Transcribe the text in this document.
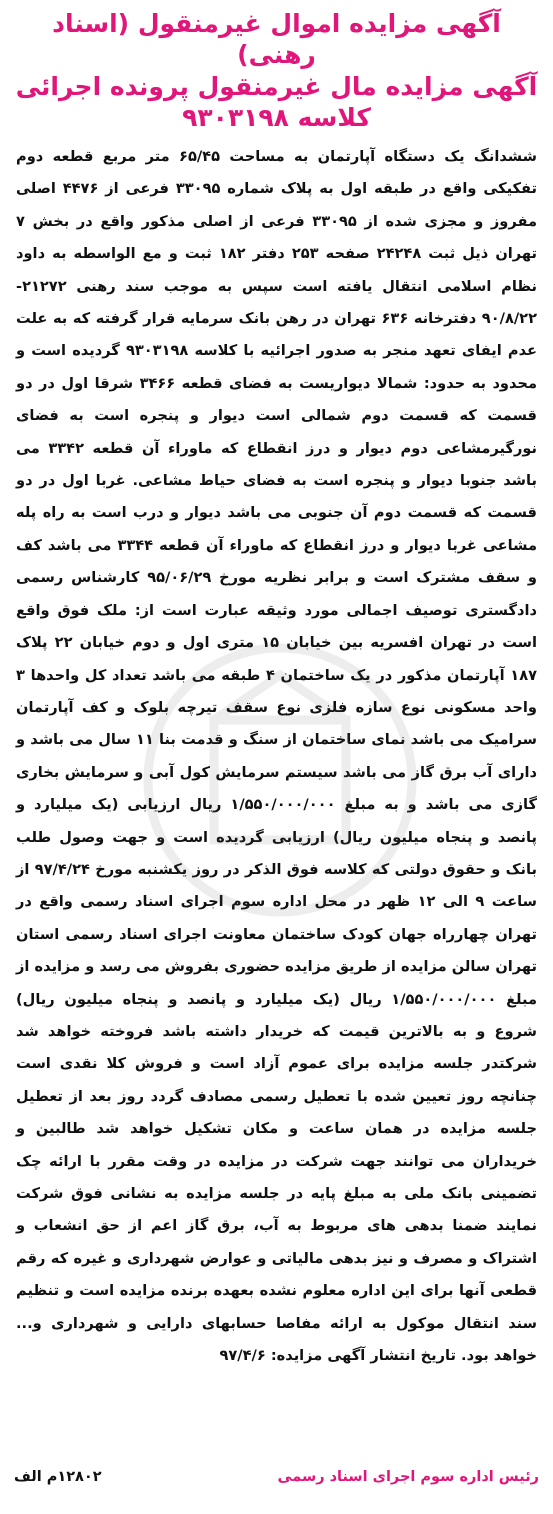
آگهی مزایده اموال غیرمنقول (اسناد رهنی)
آگهی مزایده مال غیرمنقول پرونده اجرائی
کلاسه ۹۳۰۳۱۹۸

ششدانگ یک دستگاه آپارتمان به مساحت ۶۵/۴۵ متر مربع قطعه دوم تفکیکی واقع در طبقه اول به پلاک شماره ۳۳۰۹۵ فرعی از ۴۴۷۶ اصلی مفروز و مجزی شده از ۳۳۰۹۵ فرعی از اصلی مذکور واقع در بخش ۷ تهران ذیل ثبت ۲۴۲۴۸ صفحه ۲۵۳ دفتر ۱۸۲ ثبت و مع الواسطه به داود نظام اسلامی انتقال یافته است سپس به موجب سند رهنی ۲۱۲۷۲- ۹۰/۸/۲۲ دفترخانه ۶۳۶ تهران در رهن بانک سرمایه قرار گرفته که به علت عدم ایفای تعهد منجر به صدور اجرائیه با کلاسه ۹۳۰۳۱۹۸ گردیده است و محدود به حدود: شمالا دیواریست به فضای قطعه ۳۴۶۶ شرقا اول در دو قسمت که قسمت دوم شمالی است دیوار و پنجره است به فضای نورگیرمشاعی دوم دیوار و درز انقطاع که ماوراء آن قطعه ۳۳۴۲ می باشد جنوبا دیوار و پنجره است به فضای حیاط مشاعی. غربا اول در دو قسمت که قسمت دوم آن جنوبی می باشد دیوار و درب است به راه پله مشاعی غربا دیوار و درز انقطاع که ماوراء آن قطعه ۳۳۴۴ می باشد کف و سقف مشترک است و برابر نظریه مورخ ۹۵/۰۶/۲۹ کارشناس رسمی دادگستری توصیف اجمالی مورد وثیقه عبارت است از: ملک فوق واقع است در تهران افسریه بین خیابان ۱۵ متری اول و دوم خیابان ۲۲ پلاک ۱۸۷ آپارتمان مذکور در یک ساختمان ۴ طبقه می باشد تعداد کل واحدها ۳ واحد مسکونی نوع سازه فلزی نوع سقف تیرچه بلوک و کف آپارتمان سرامیک می باشد نمای ساختمان از سنگ و قدمت بنا ۱۱ سال می باشد و دارای آب برق گاز می باشد سیستم سرمایش کول آبی و سرمایش بخاری گازی می باشد و به مبلغ ۱/۵۵۰/۰۰۰/۰۰۰ ریال ارزیابی (یک میلیارد و پانصد و پنجاه میلیون ریال) ارزیابی گردیده است و جهت وصول طلب بانک و حقوق دولتی که کلاسه فوق الذکر در روز یکشنبه مورخ ۹۷/۴/۲۴ از ساعت ۹ الی ۱۲ ظهر در محل اداره سوم اجرای اسناد رسمی واقع در تهران چهارراه جهان کودک ساختمان معاونت اجرای اسناد رسمی استان تهران سالن مزایده از طریق مزایده حضوری بفروش می رسد و مزایده از مبلغ ۱/۵۵۰/۰۰۰/۰۰۰ ریال (یک میلیارد و پانصد و پنجاه میلیون ریال) شروع و به بالاترین قیمت که خریدار داشته باشد فروخته خواهد شد شرکتدر جلسه مزایده برای عموم آزاد است و فروش کلا نقدی است چنانچه روز تعیین شده با تعطیل رسمی مصادف گردد روز بعد از تعطیل جلسه مزایده در همان ساعت و مکان تشکیل خواهد شد طالبین و خریداران می توانند جهت شرکت در مزایده در وقت مقرر با ارائه چک تضمینی بانک ملی به مبلغ پایه در جلسه مزایده به نشانی فوق شرکت نمایند ضمنا بدهی های مربوط به آب، برق گاز اعم از حق انشعاب و اشتراک و مصرف و نیز بدهی مالیاتی و عوارض شهرداری و غیره که رقم قطعی آنها برای این اداره معلوم نشده بعهده برنده مزایده است و تنظیم سند انتقال موکول به ارائه مفاصا حسابهای دارایی و شهرداری و... خواهد بود. تاریخ انتشار آگهی مزایده: ۹۷/۴/۶

رئیس اداره سوم اجرای اسناد رسمی
۱۲۸۰۲م الف
